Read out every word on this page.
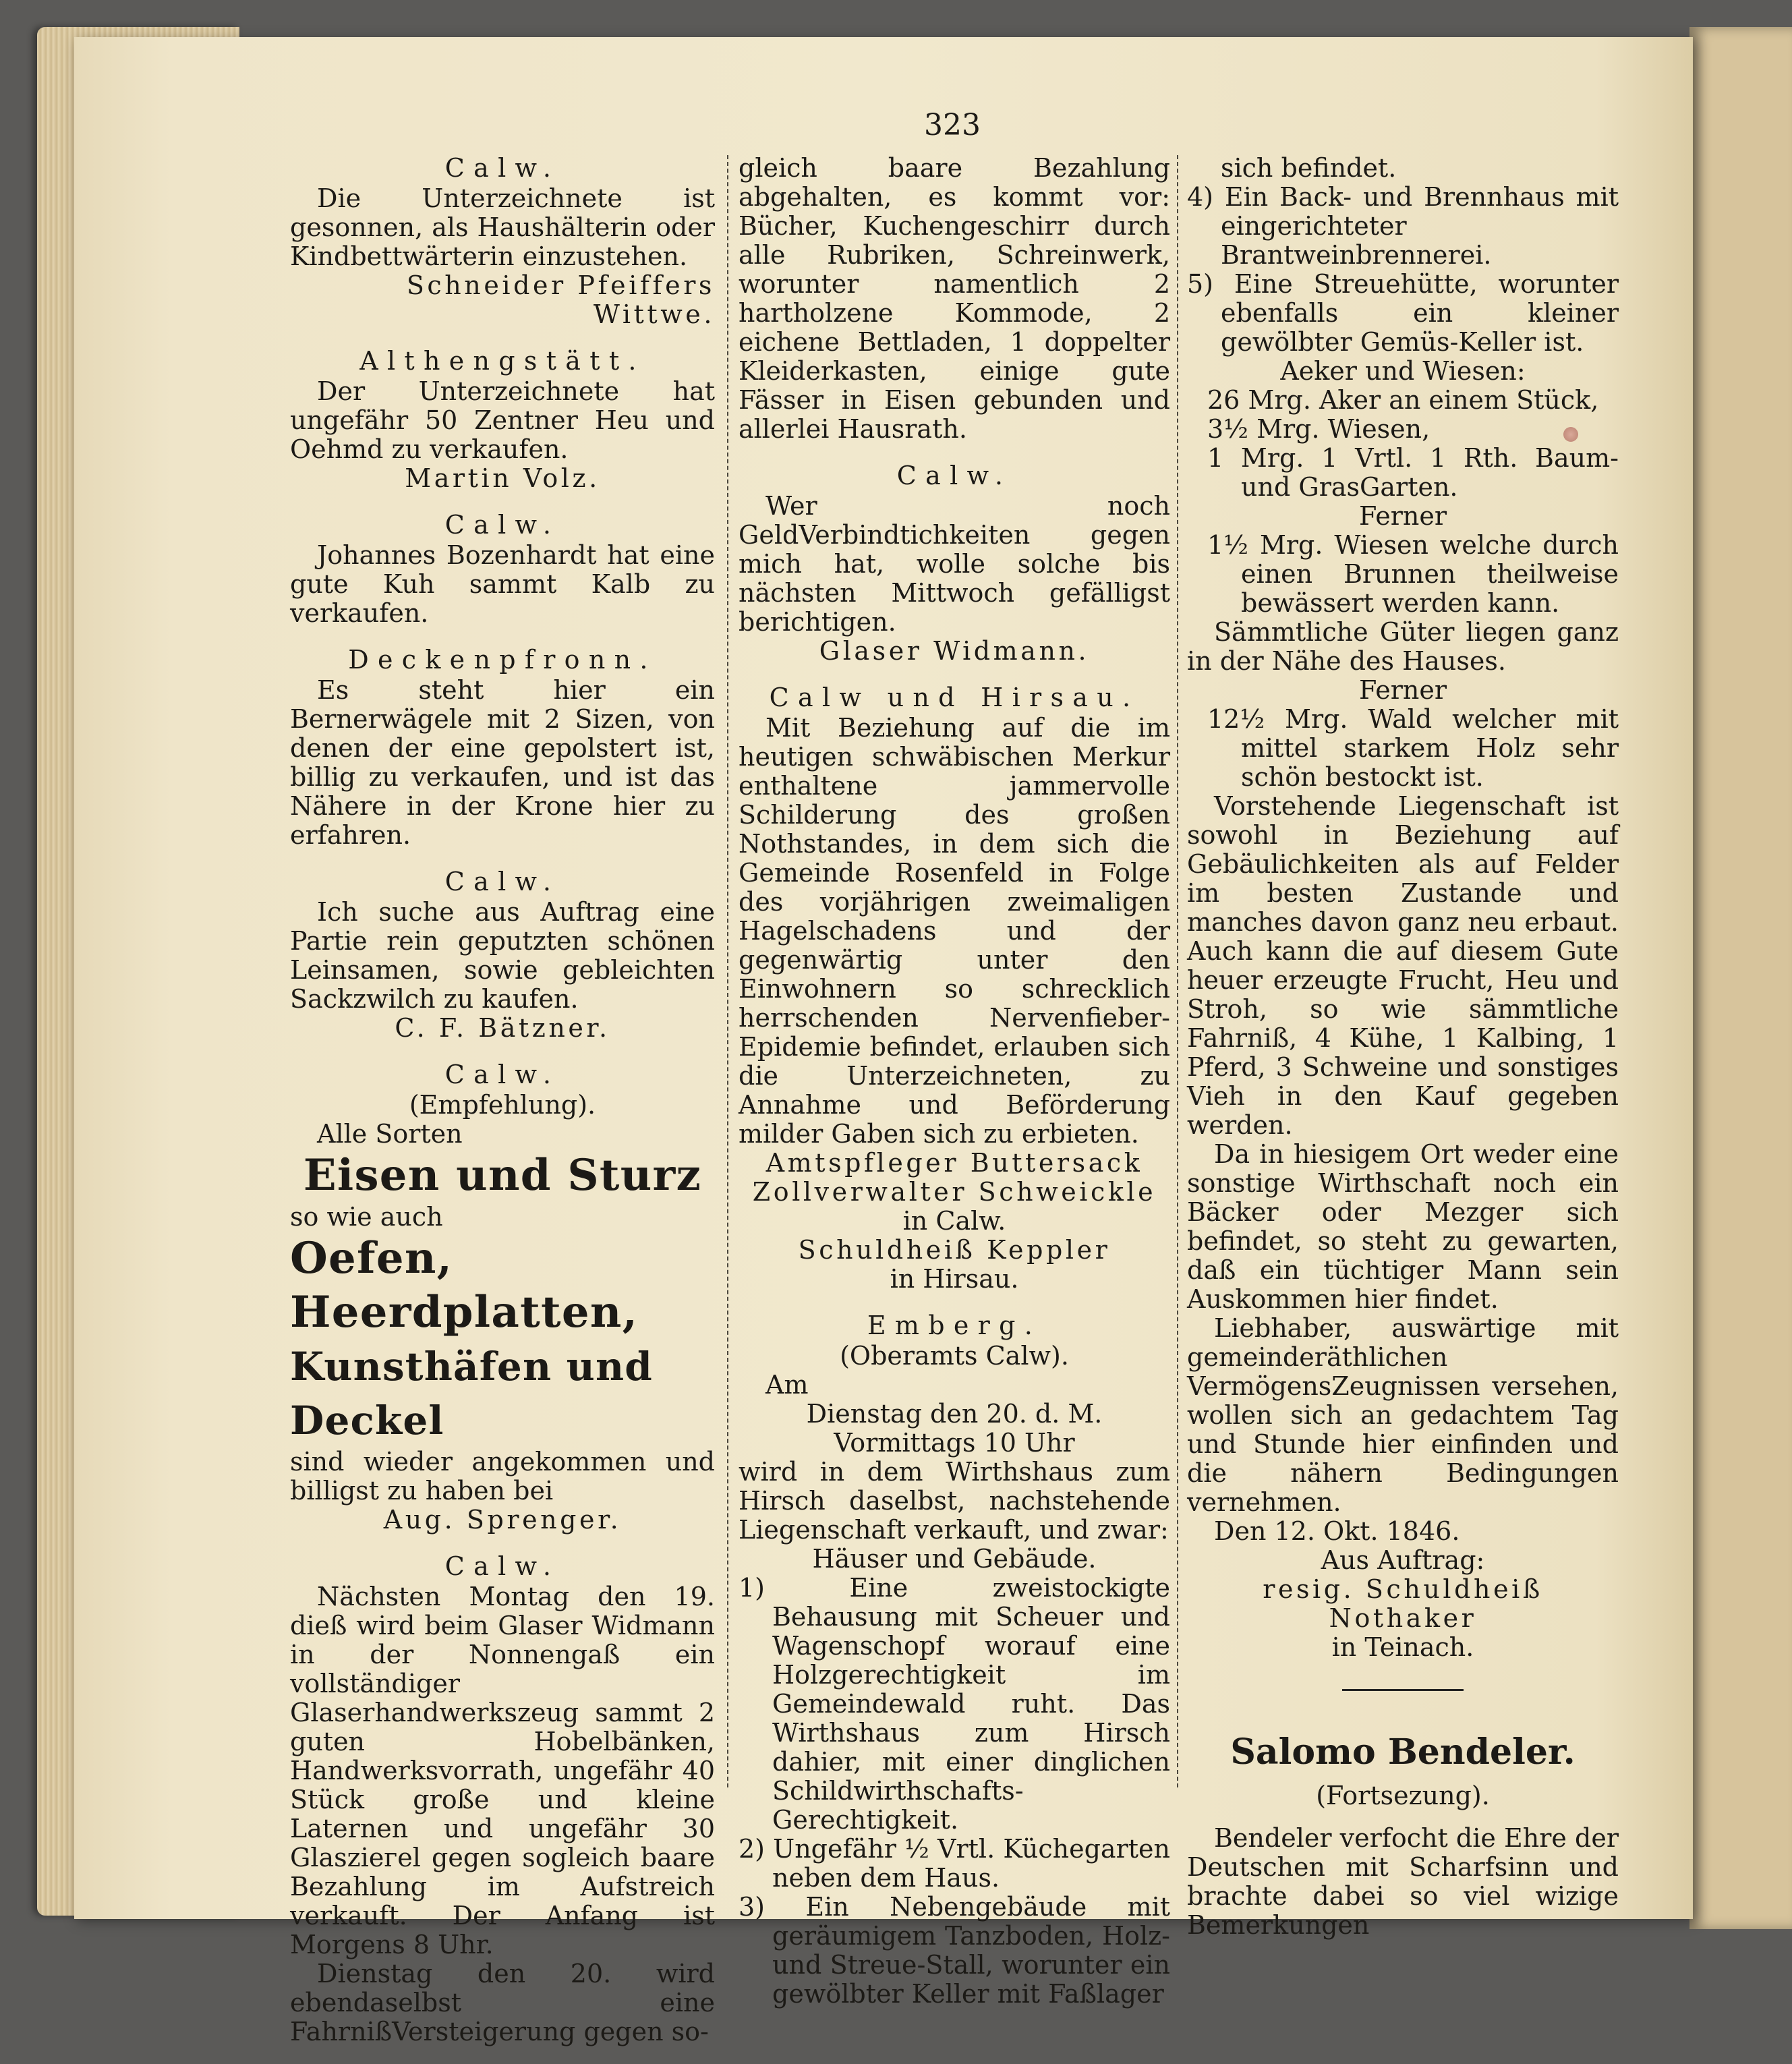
323
Calw.
Die Unterzeichnete ist gesonnen, als Haushälterin oder Kindbettwärterin einzustehen.
Schneider Pfeiffers Wittwe.
Althengstätt.
Der Unterzeichnete hat ungefähr 50 Zentner Heu und Oehmd zu verkaufen.
Martin Volz.
Calw.
Johannes Bozenhardt hat eine gute Kuh sammt Kalb zu verkaufen.
Deckenpfronn.
Es steht hier ein Bernerwägele mit 2 Sizen, von denen der eine gepolstert ist, billig zu verkaufen, und ist das Nähere in der Krone hier zu erfahren.
Calw.
Ich suche aus Auftrag eine Partie rein geputzten schönen Leinsamen, sowie gebleichten Sackzwilch zu kaufen.
C. F. Bätzner.
Calw.
(Empfehlung).
Alle Sorten
Eisen und Sturz
so wie auch
Oefen, Heerdplatten,
Kunsthäfen und Deckel
sind wieder angekommen und billigst zu haben bei
Aug. Sprenger.
Calw.
Nächsten Montag den 19. dieß wird beim Glaser Widmann in der Nonnengaß ein vollständiger Glaserhandwerkszeug sammt 2 guten Hobelbänken, Handwerksvorrath, ungefähr 40 Stück große und kleine Laternen und ungefähr 30 Glaszieгel gegen sogleich baare Bezahlung im Aufstreich verkauft. Der Anfang ist Morgens 8 Uhr.
Dienstag den 20. wird ebendaselbst eine FahrnißVersteigerung gegen so-
gleich baare Bezahlung abgehalten, es kommt vor: Bücher, Kuchengeschirr durch alle Rubriken, Schreinwerk, worunter namentlich 2 hartholzene Kommode, 2 eichene Bettladen, 1 doppelter Kleiderkasten, einige gute Fässer in Eisen gebunden und allerlei Hausrath.
Calw.
Wer noch GeldVerbindtichkeiten gegen mich hat, wolle solche bis nächsten Mittwoch gefälligst berichtigen.
Glaser Widmann.
Calw und Hirsau.
Mit Beziehung auf die im heutigen schwäbischen Merkur enthaltene jammervolle Schilderung des großen Nothstandes, in dem sich die Gemeinde Rosenfeld in Folge des vorjährigen zweimaligen Hagelschadens und der gegenwärtig unter den Einwohnern so schrecklich herrschenden Nervenfieber-Epidemie befindet, erlauben sich die Unterzeichneten, zu Annahme und Beförderung milder Gaben sich zu erbieten.
Amtspfleger Buttersack
Zollverwalter Schweickle
in Calw.
Schuldheiß Keppler
in Hirsau.
Emberg.
(Oberamts Calw).
Am
Dienstag den 20. d. M.
Vormittags 10 Uhr
wird in dem Wirthshaus zum Hirsch daselbst, nachstehende Liegenschaft verkauft, und zwar:
Häuser und Gebäude.
1) Eine zweistockigte Behausung mit Scheuer und Wagenschopf worauf eine Holzgerechtigkeit im Gemeindewald ruht. Das Wirthshaus zum Hirsch dahier, mit einer dinglichen Schildwirthschafts-Gerechtigkeit.
2) Ungefähr ½ Vrtl. Küchegarten neben dem Haus.
3) Ein Nebengebäude mit geräumigem Tanzboden, Holz- und Streue-Stall, worunter ein gewölbter Keller mit Faßlager
sich befindet.
4) Ein Back- und Brennhaus mit eingerichteter Brantweinbrennerei.
5) Eine Streuehütte, worunter ebenfalls ein kleiner gewölbter Gemüs-Keller ist.
Aeker und Wiesen:
26 Mrg. Aker an einem Stück,
3½ Mrg. Wiesen,
1 Mrg. 1 Vrtl. 1 Rth. Baum- und GrasGarten.
Ferner
1½ Mrg. Wiesen welche durch einen Brunnen theilweise bewässert werden kann.
Sämmtliche Güter liegen ganz in der Nähe des Hauses.
Ferner
12½ Mrg. Wald welcher mit mittel starkem Holz sehr schön bestockt ist.
Vorstehende Liegenschaft ist sowohl in Beziehung auf Gebäulichkeiten als auf Felder im besten Zustande und manches davon ganz neu erbaut. Auch kann die auf diesem Gute heuer erzeugte Frucht, Heu und Stroh, so wie sämmtliche Fahrniß, 4 Kühe, 1 Kalbing, 1 Pferd, 3 Schweine und sonstiges Vieh in den Kauf gegeben werden.
Da in hiesigem Ort weder eine sonstige Wirthschaft noch ein Bäcker oder Mezger sich befindet, so steht zu gewarten, daß ein tüchtiger Mann sein Auskommen hier findet.
Liebhaber, auswärtige mit gemeinderäthlichen VermögensZeugnissen versehen, wollen sich an gedachtem Tag und Stunde hier einfinden und die nähern Bedingungen vernehmen.
Den 12. Okt. 1846.
Aus Auftrag:
resig. Schuldheiß Nothaker
in Teinach.
Salomo Bendeler.
(Fortsezung).
Bendeler verfocht die Ehre der Deutschen mit Scharfsinn und brachte dabei so viel wizige Bemerkungen
